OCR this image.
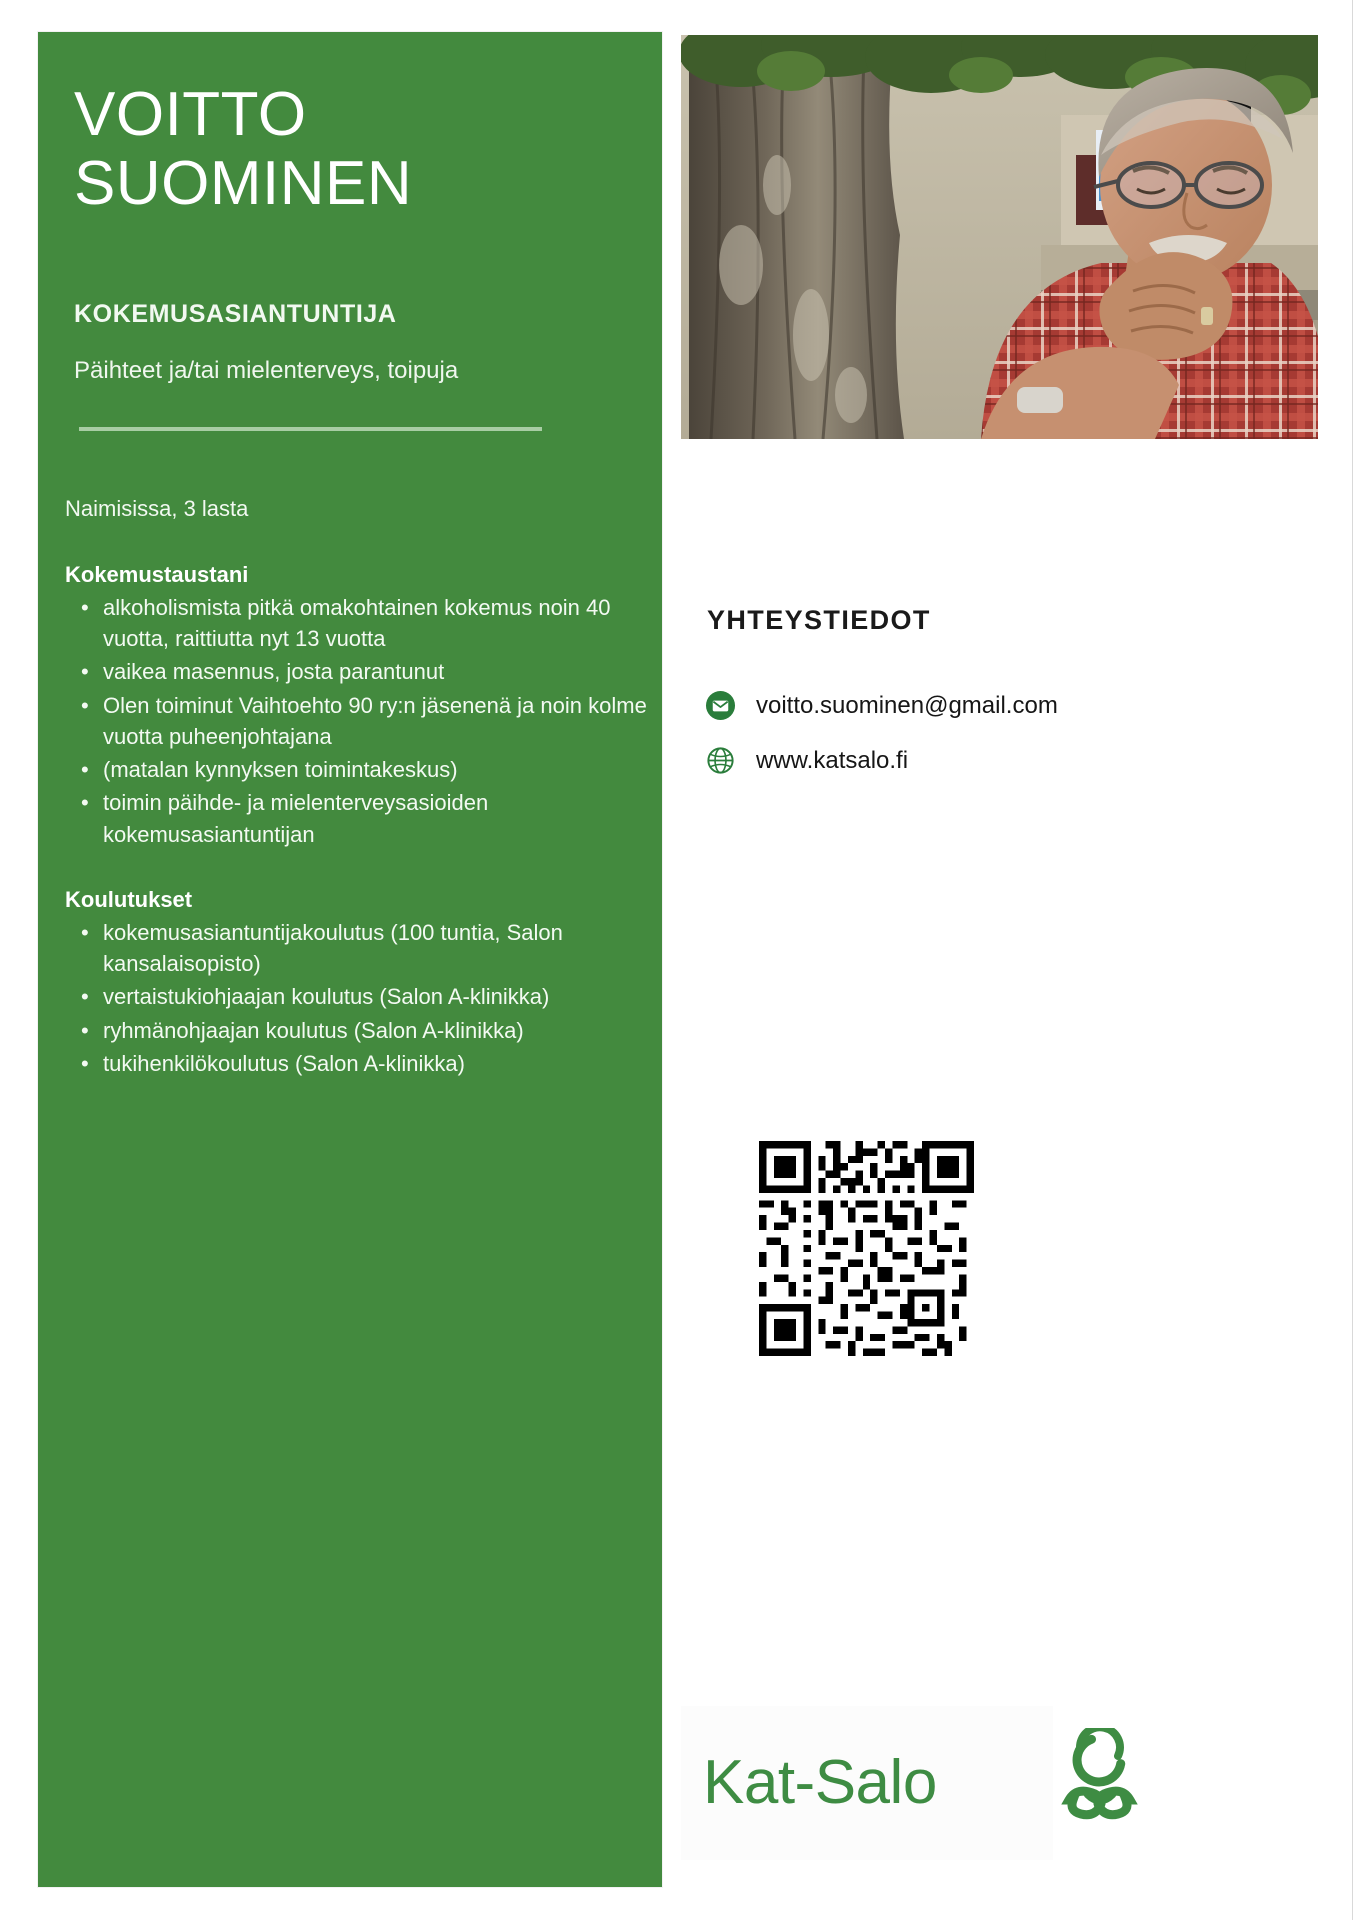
VOITTO
SUOMINEN
KOKEMUSASIANTUNTIJA
Päihteet ja/tai mielenterveys, toipuja
Naimisissa, 3 lasta
Kokemustaustani
• alkoholismista pitkä omakohtainen kokemus noin 40 vuotta, raittiutta nyt 13 vuotta
• vaikea masennus, josta parantunut
• Olen toiminut Vaihtoehto 90 ry:n jäsenenä ja noin kolme vuotta puheenjohtajana
• (matalan kynnyksen toimintakeskus)
• toimin päihde- ja mielenterveysasioiden kokemusasiantuntijan
Koulutukset
• kokemusasiantuntijakoulutus (100 tuntia, Salon kansalaisopisto)
• vertaistukiohjaajan koulutus (Salon A-klinikka)
• ryhmänohjaajan koulutus (Salon A-klinikka)
• tukihenkilökoulutus (Salon A-klinikka)
YHTEYSTIEDOT
voitto.suominen@gmail.com
www.katsalo.fi
Kat-Salo
